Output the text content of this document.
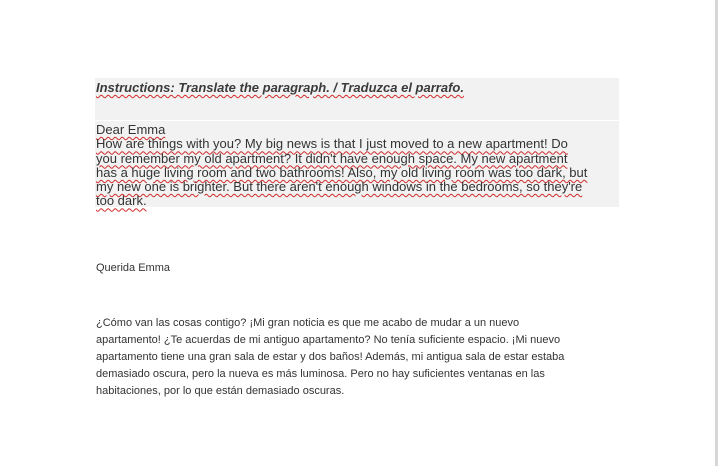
Instructions: Translate the paragraph. / Traduzca el parrafo.
Dear Emma
How are things with you? My big news is that I just moved to a new apartment! Do
you remember my old apartment? It didn't have enough space. My new apartment
has a huge living room and two bathrooms! Also, my old living room was too dark, but
my new one is brighter. But there aren't enough windows in the bedrooms, so they're
too dark.
Querida Emma
¿Cómo van las cosas contigo? ¡Mi gran noticia es que me acabo de mudar a un nuevo
apartamento! ¿Te acuerdas de mi antiguo apartamento? No tenía suficiente espacio. ¡Mi nuevo
apartamento tiene una gran sala de estar y dos baños! Además, mi antigua sala de estar estaba
demasiado oscura, pero la nueva es más luminosa. Pero no hay suficientes ventanas en las
habitaciones, por lo que están demasiado oscuras.
